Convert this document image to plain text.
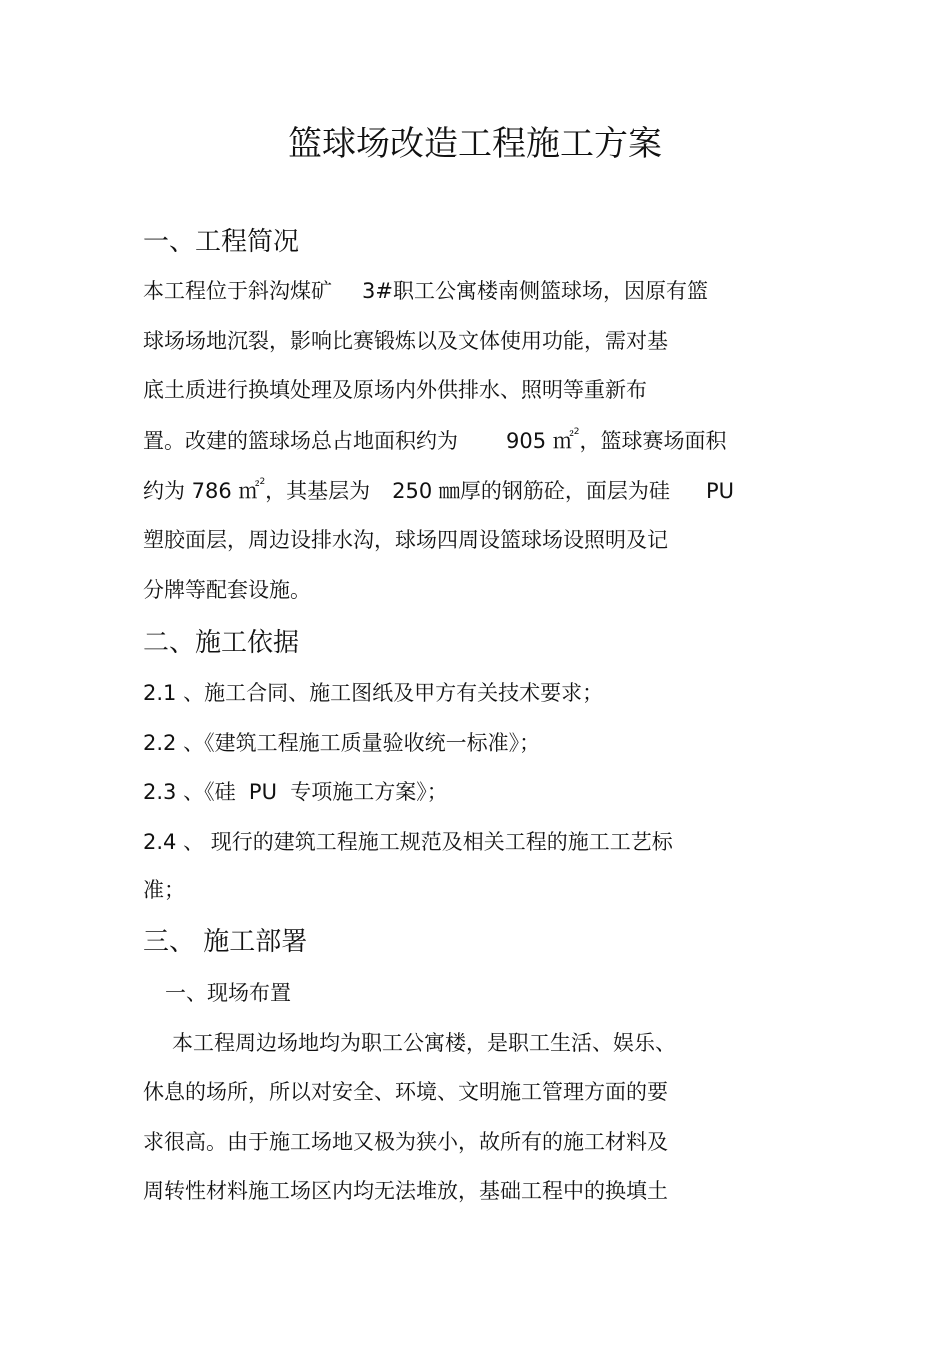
篮球场改造工程施工方案
一、工程简况
本工程位于斜沟煤矿 3#职工公寓楼南侧篮球场，因原有篮
球场场地沉裂，影响比赛锻炼以及文体使用功能，需对基
底土质进行换填处理及原场内外供排水、照明等重新布
置。改建的篮球场总占地面积约为 905 ㎡$^2$，篮球赛场面积
约为 786 ㎡$^2$，其基层为 250 ㎜厚的钢筋砼，面层为硅 PU
塑胶面层，周边设排水沟，球场四周设篮球场设照明及记
分牌等配套设施。
二、施工依据
2.1 、施工合同、施工图纸及甲方有关技术要求；
2.2 、《建筑工程施工质量验收统一标准》；
2.3 、《硅  PU  专项施工方案》；
2.4 、 现行的建筑工程施工规范及相关工程的施工工艺标
准；
三、 施工部署
一、现场布置
本工程周边场地均为职工公寓楼，是职工生活、娱乐、
休息的场所，所以对安全、环境、文明施工管理方面的要
求很高。由于施工场地又极为狭小，故所有的施工材料及
周转性材料施工场区内均无法堆放，基础工程中的换填土
